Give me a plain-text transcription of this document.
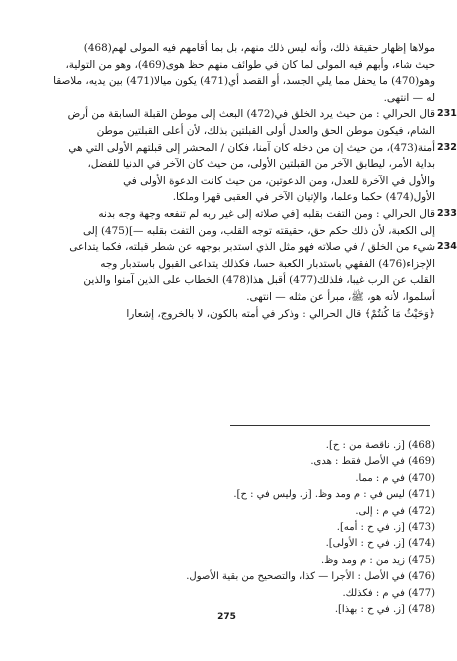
مولاها إظهار حقيقة ذلك، وأنه ليس ذلك منهم، بل بما أقامهم فيه المولى لهم(468)
حيث شاء، وأبهم فيه المولى لما كان في طوائف منهم حظ هوى(469)، وهو من التولية،
وهو(470) ما يحفل مما يلي الجسد، أو القصد أي(471) يكون ميالا(471) بين يديه، ملاصقا
له — انتهى.
231
قال الحرالي : من حيث يرد الخلق في(472) البعث إلى موطن القبلة السابقة من أرض
الشام، فيكون موطن الحق والعدل أولى القبلتين بذلك، لأن أعلى القبلتين موطن
232
أمنة(473)، من حيث إن من دخله كان آمنا، فكان / المحشر إلى قبلتهم الأولى التي هي
بداية الأمر، ليطابق الآخر من القبلتين الأولى، من حيث كان الآخر في الدنيا للفضل،
والأول في الآخرة للعدل، ومن الدعوتين، من حيث كانت الدعوة الأولى في
الأول(474) حكما وعلما، والإتيان الآخر في العقبى قهرا وملكا.
233
قال الحرالي : ومن التفت بقلبه [في صلاته إلى غير ربه لم تنفعه وجهة وجه بدنه
إلى الكعبة، لأن ذلك حكم حق، حقيقته توجه القلب، ومن التفت بقلبه —](475) إلى
234
شيء من الخلق / في صلاته فهو مثل الذي استدبر بوجهه عن شطر قبلته، فكما يتداعى
الإجزاء(476) الفقهي باستدبار الكعبة حسا، فكذلك يتداعى القبول باستدبار وجه
القلب عن الرب غيبا، فلذلك(477) أقبل هذا(478) الخطاب على الذين آمنوا والذين
أسلموا، لأنه هو، ﷺ، مبرأ عن مثله — انتهى.
﴿وَحَيْثُ مَا كُنتُمْ﴾ قال الحرالي : وذكر في أمته بالكون، لا بالخروج، إشعارا
(468) [ز. ناقصة من : ح].
(469) في الأصل فقط : هدى.
(470) في م : مما.
(471) ليس في : م ومد وظ. [ز. وليس في : ح].
(472) في م : إلى.
(473) [ز. في ح : أمه].
(474) [ز. في ح : الأولى].
(475) زيد من : م ومد وظ.
(476) في الأصل : الأجرا — كذا، والتصحيح من بقية الأصول.
(477) في م : فكذلك.
(478) [ز. في ح : بهذا].
275
